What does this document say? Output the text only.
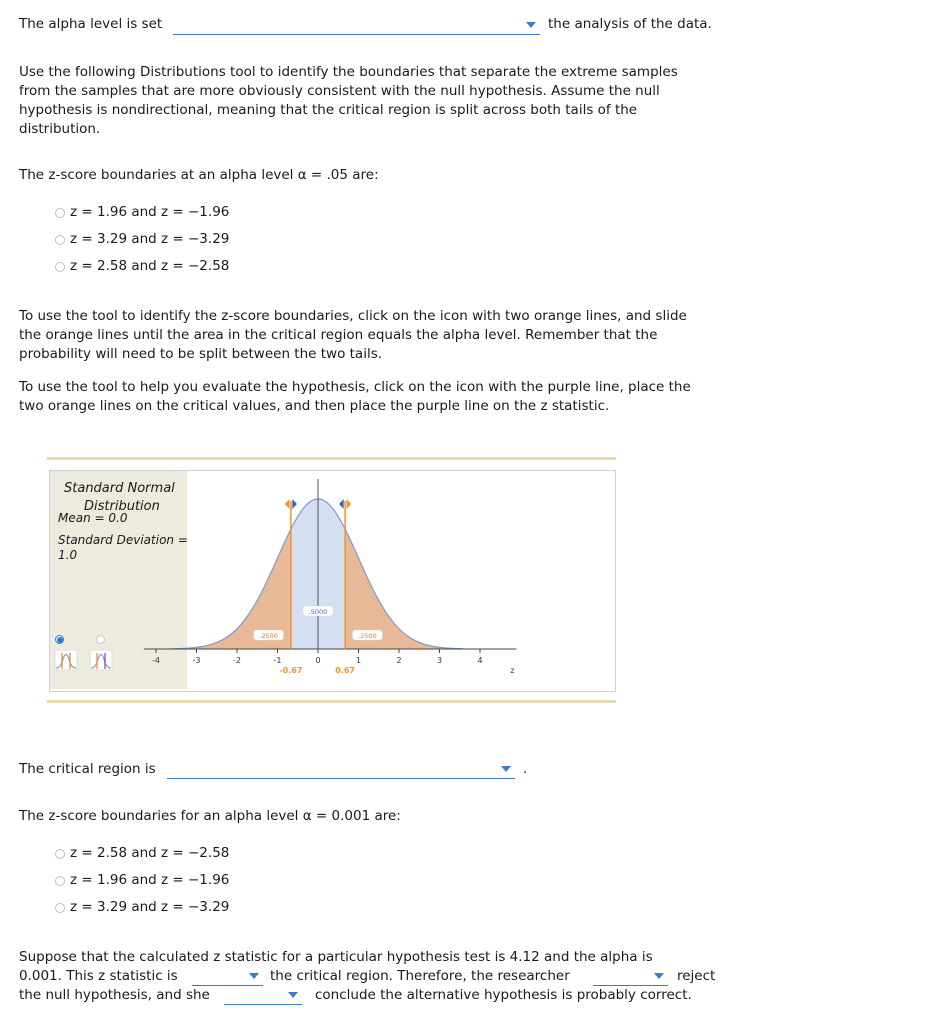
The alpha level is set	the analysis of the data.
Use the following Distributions tool to identify the boundaries that separate the extreme samples
from the samples that are more obviously consistent with the null hypothesis. Assume the null
hypothesis is nondirectional, meaning that the critical region is split across both tails of the
distribution.
The z-score boundaries at an alpha level α = .05 are:
z = 1.96 and z = −1.96
z = 3.29 and z = −3.29
z = 2.58 and z = −2.58
To use the tool to identify the z-score boundaries, click on the icon with two orange lines, and slide
the orange lines until the area in the critical region equals the alpha level. Remember that the
probability will need to be split between the two tails.
To use the tool to help you evaluate the hypothesis, click on the icon with the purple line, place the
two orange lines on the critical values, and then place the purple line on the z statistic.
Standard Normal
Distribution
Mean = 0.0
Standard Deviation =
1.0
-4	-3	-2	-1	0	1	2	3	4
z
-0.67	0.67
.2500
.5000
.2500
The critical region is	.
The z-score boundaries for an alpha level α = 0.001 are:
z = 2.58 and z = −2.58
z = 1.96 and z = −1.96
z = 3.29 and z = −3.29
Suppose that the calculated z statistic for a particular hypothesis test is 4.12 and the alpha is
0.001. This z statistic is	the critical region. Therefore, the researcher	reject
the null hypothesis, and she	conclude the alternative hypothesis is probably correct.
